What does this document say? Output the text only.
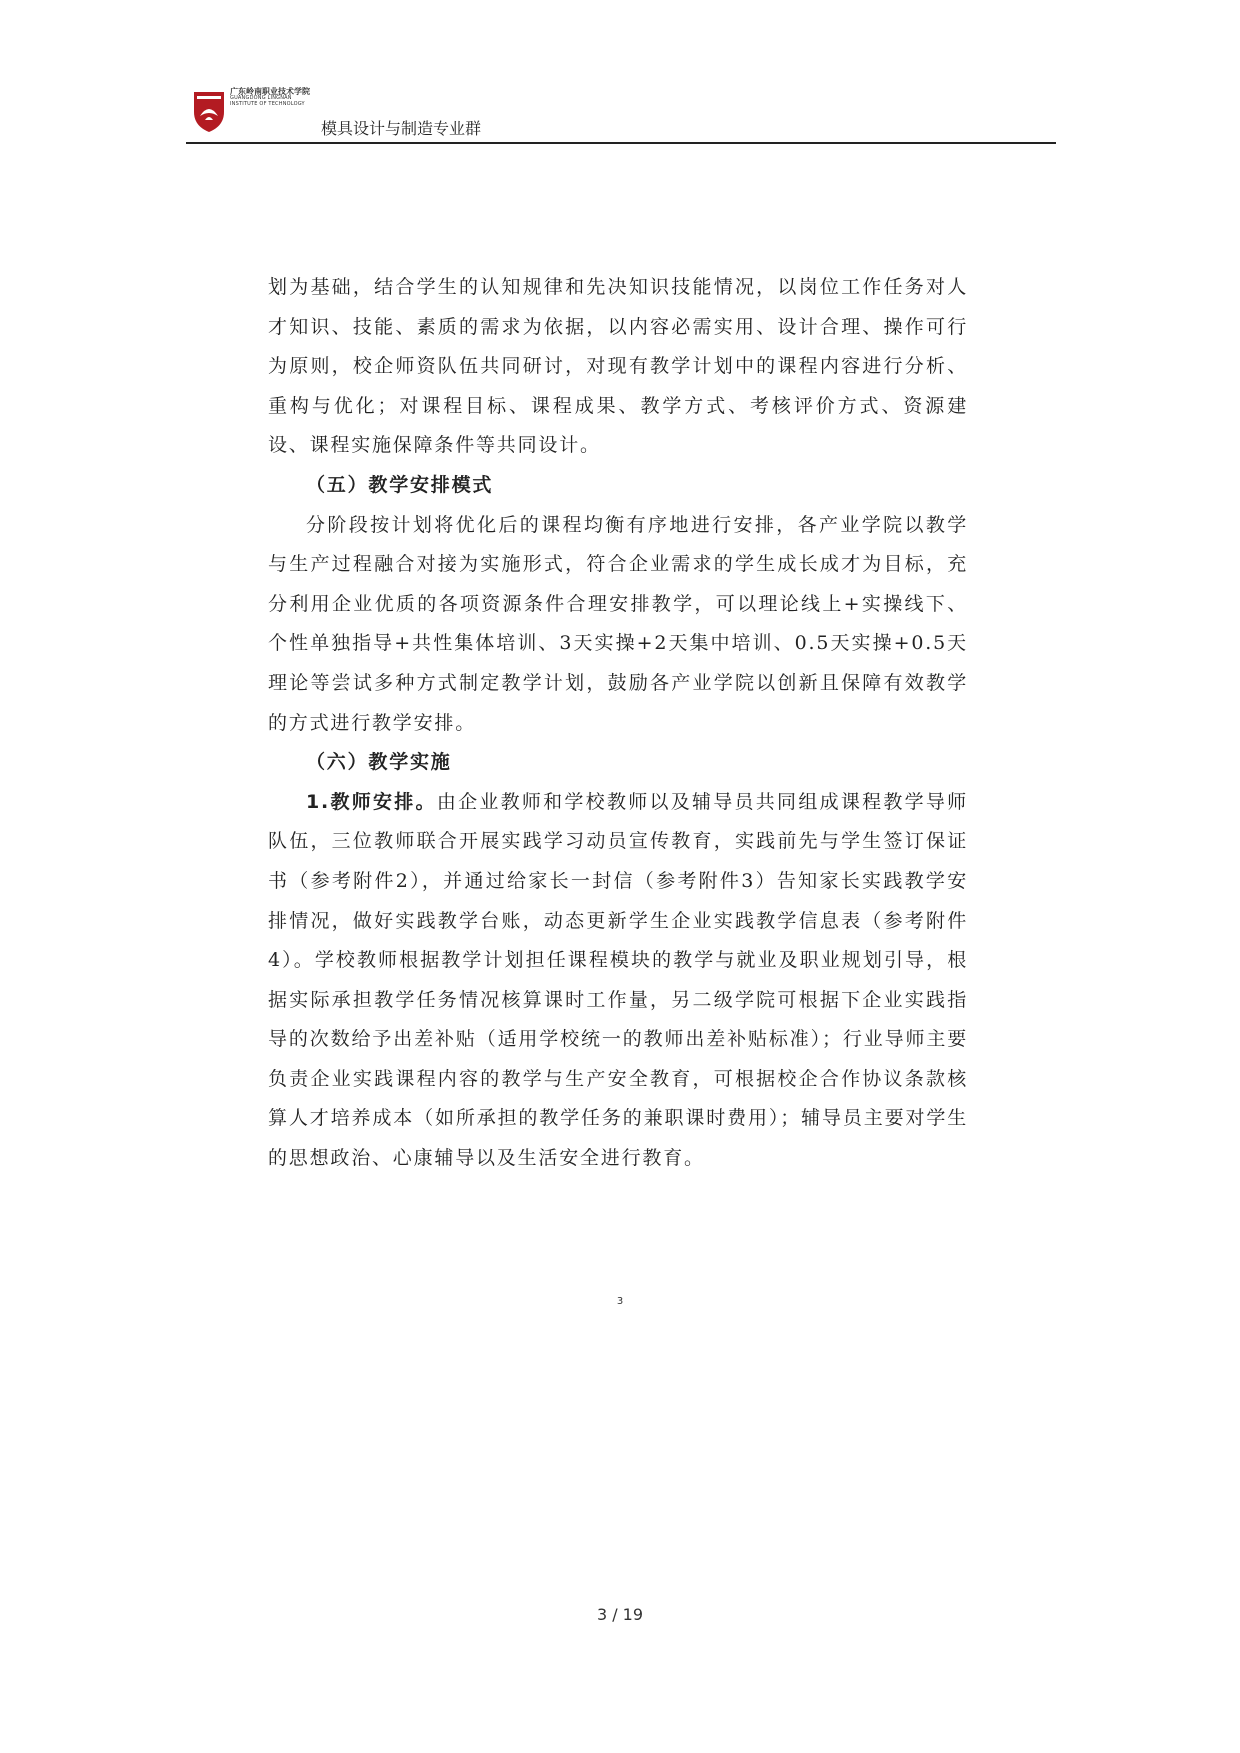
广东岭南职业技术学院
GUANGDONG LINGNAN
INSTITUTE OF TECHNOLOGY
模具设计与制造专业群

划为基础，结合学生的认知规律和先决知识技能情况，以岗位工作任务对人才知识、技能、素质的需求为依据，以内容必需实用、设计合理、操作可行为原则，校企师资队伍共同研讨，对现有教学计划中的课程内容进行分析、重构与优化；对课程目标、课程成果、教学方式、考核评价方式、资源建设、课程实施保障条件等共同设计。

（五）教学安排模式

分阶段按计划将优化后的课程均衡有序地进行安排，各产业学院以教学与生产过程融合对接为实施形式，符合企业需求的学生成长成才为目标，充分利用企业优质的各项资源条件合理安排教学，可以理论线上+实操线下、个性单独指导+共性集体培训、3天实操+2天集中培训、0.5天实操+0.5天理论等尝试多种方式制定教学计划，鼓励各产业学院以创新且保障有效教学的方式进行教学安排。

（六）教学实施

1.教师安排。由企业教师和学校教师以及辅导员共同组成课程教学导师队伍，三位教师联合开展实践学习动员宣传教育，实践前先与学生签订保证书（参考附件2），并通过给家长一封信（参考附件3）告知家长实践教学安排情况，做好实践教学台账，动态更新学生企业实践教学信息表（参考附件4）。学校教师根据教学计划担任课程模块的教学与就业及职业规划引导，根据实际承担教学任务情况核算课时工作量，另二级学院可根据下企业实践指导的次数给予出差补贴（适用学校统一的教师出差补贴标准）；行业导师主要负责企业实践课程内容的教学与生产安全教育，可根据校企合作协议条款核算人才培养成本（如所承担的教学任务的兼职课时费用）；辅导员主要对学生的思想政治、心康辅导以及生活安全进行教育。

3
3 / 19
